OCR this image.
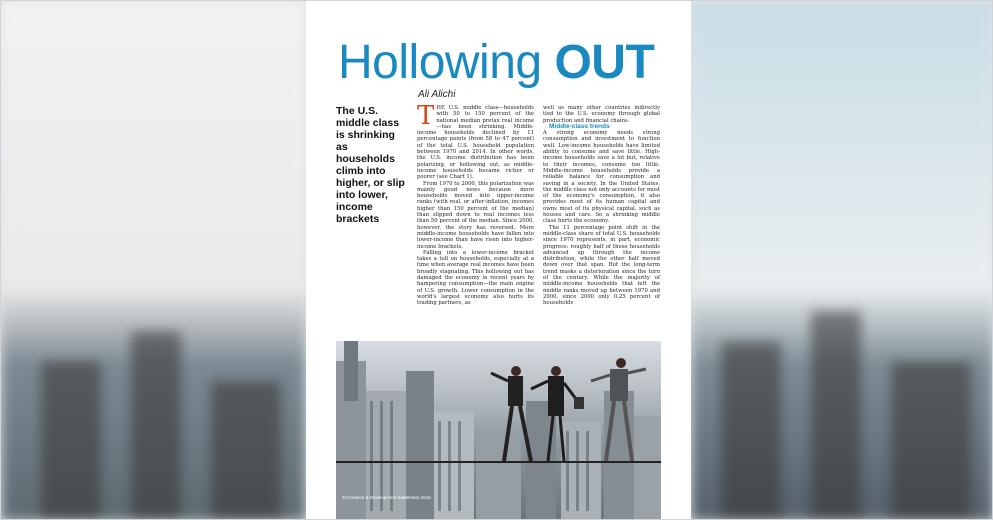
Hollowing OUT
Ali Alichi
The U.S. middle class is shrinking as households climb into higher, or slip into lower, income brackets

THE U.S. middle class—households with 50 to 150 percent of the national median pretax real income—has been shrinking. Middle-income households declined by 11 percentage points (from 58 to 47 percent) of the total U.S. household population between 1970 and 2014. In other words, the U.S. income distribution has been polarizing, or hollowing out, as middle-income households became richer or poorer (see Chart 1).

From 1970 to 2000, this polarization was mainly good news because more households moved into upper-income ranks (with real, or after-inflation, incomes higher than 150 percent of the median) than slipped down to real incomes less than 50 percent of the median. Since 2000, however, the story has reversed. More middle-income households have fallen into lower-income than have risen into higher-income brackets.

Falling into a lower-income bracket takes a toll on households, especially at a time when average real incomes have been broadly stagnating. This hollowing out has damaged the economy in recent years by hampering consumption—the main engine of U.S. growth. Lower consumption in the world's largest economy also hurts its trading partners, as

well as many other countries indirectly tied to the U.S. economy through global production and financial chains.

Middle-class trends

A strong economy needs strong consumption and investment to function well. Low-income households have limited ability to consume and save little. High-income households save a lot but, relative to their incomes, consume too little. Middle-income households provide a reliable balance for consumption and saving in a society. In the United States, the middle class not only accounts for most of the economy's consumption, it also provides most of its human capital and owns most of its physical capital, such as houses and cars. So a shrinking middle class hurts the economy.

The 11 percentage point shift in the middle-class share of total U.S. households since 1970 represents, in part, economic progress: roughly half of these households advanced up through the income distribution, while the other half moved down over that span. But the long-term trend masks a deterioration since the turn of the century. While the majority of middle-income households that left the middle ranks moved up between 1970 and 2000, since 2000 only 0.25 percent of households

34 Finance & Development September 2016
